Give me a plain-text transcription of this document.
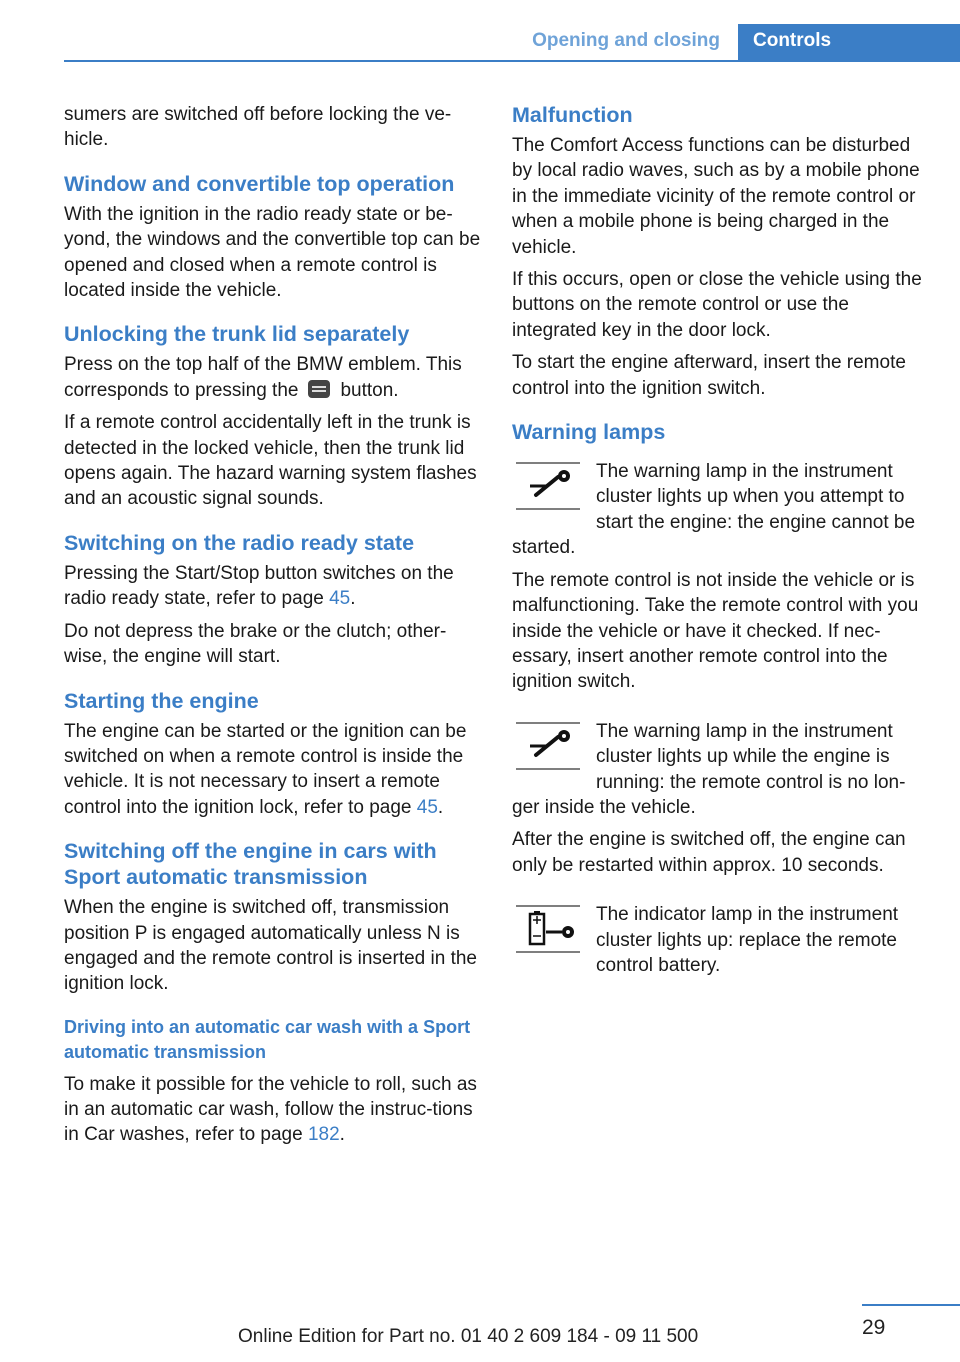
Opening and closing Controls

sumers are switched off before locking the ve-hicle.

Window and convertible top operation

With the ignition in the radio ready state or be-yond, the windows and the convertible top can be opened and closed when a remote control is located inside the vehicle.

Unlocking the trunk lid separately

Press on the top half of the BMW emblem. This corresponds to pressing the button.

If a remote control accidentally left in the trunk is detected in the locked vehicle, then the trunk lid opens again. The hazard warning system flashes and an acoustic signal sounds.

Switching on the radio ready state

Pressing the Start/Stop button switches on the radio ready state, refer to page 45.

Do not depress the brake or the clutch; other-wise, the engine will start.

Starting the engine

The engine can be started or the ignition can be switched on when a remote control is inside the vehicle. It is not necessary to insert a remote control into the ignition lock, refer to page 45.

Switching off the engine in cars with Sport automatic transmission

When the engine is switched off, transmission position P is engaged automatically unless N is engaged and the remote control is inserted in the ignition lock.

Driving into an automatic car wash with a Sport automatic transmission

To make it possible for the vehicle to roll, such as in an automatic car wash, follow the instruc-tions in Car washes, refer to page 182.

Malfunction

The Comfort Access functions can be disturbed by local radio waves, such as by a mobile phone in the immediate vicinity of the remote control or when a mobile phone is being charged in the vehicle.

If this occurs, open or close the vehicle using the buttons on the remote control or use the integrated key in the door lock.

To start the engine afterward, insert the remote control into the ignition switch.

Warning lamps

The warning lamp in the instrument cluster lights up when you attempt to start the engine: the engine cannot be started.

The remote control is not inside the vehicle or is malfunctioning. Take the remote control with you inside the vehicle or have it checked. If nec-essary, insert another remote control into the ignition switch.

The warning lamp in the instrument cluster lights up while the engine is running: the remote control is no lon-ger inside the vehicle.

After the engine is switched off, the engine can only be restarted within approx. 10 seconds.

The indicator lamp in the instrument cluster lights up: replace the remote control battery.

29
Online Edition for Part no. 01 40 2 609 184 - 09 11 500
